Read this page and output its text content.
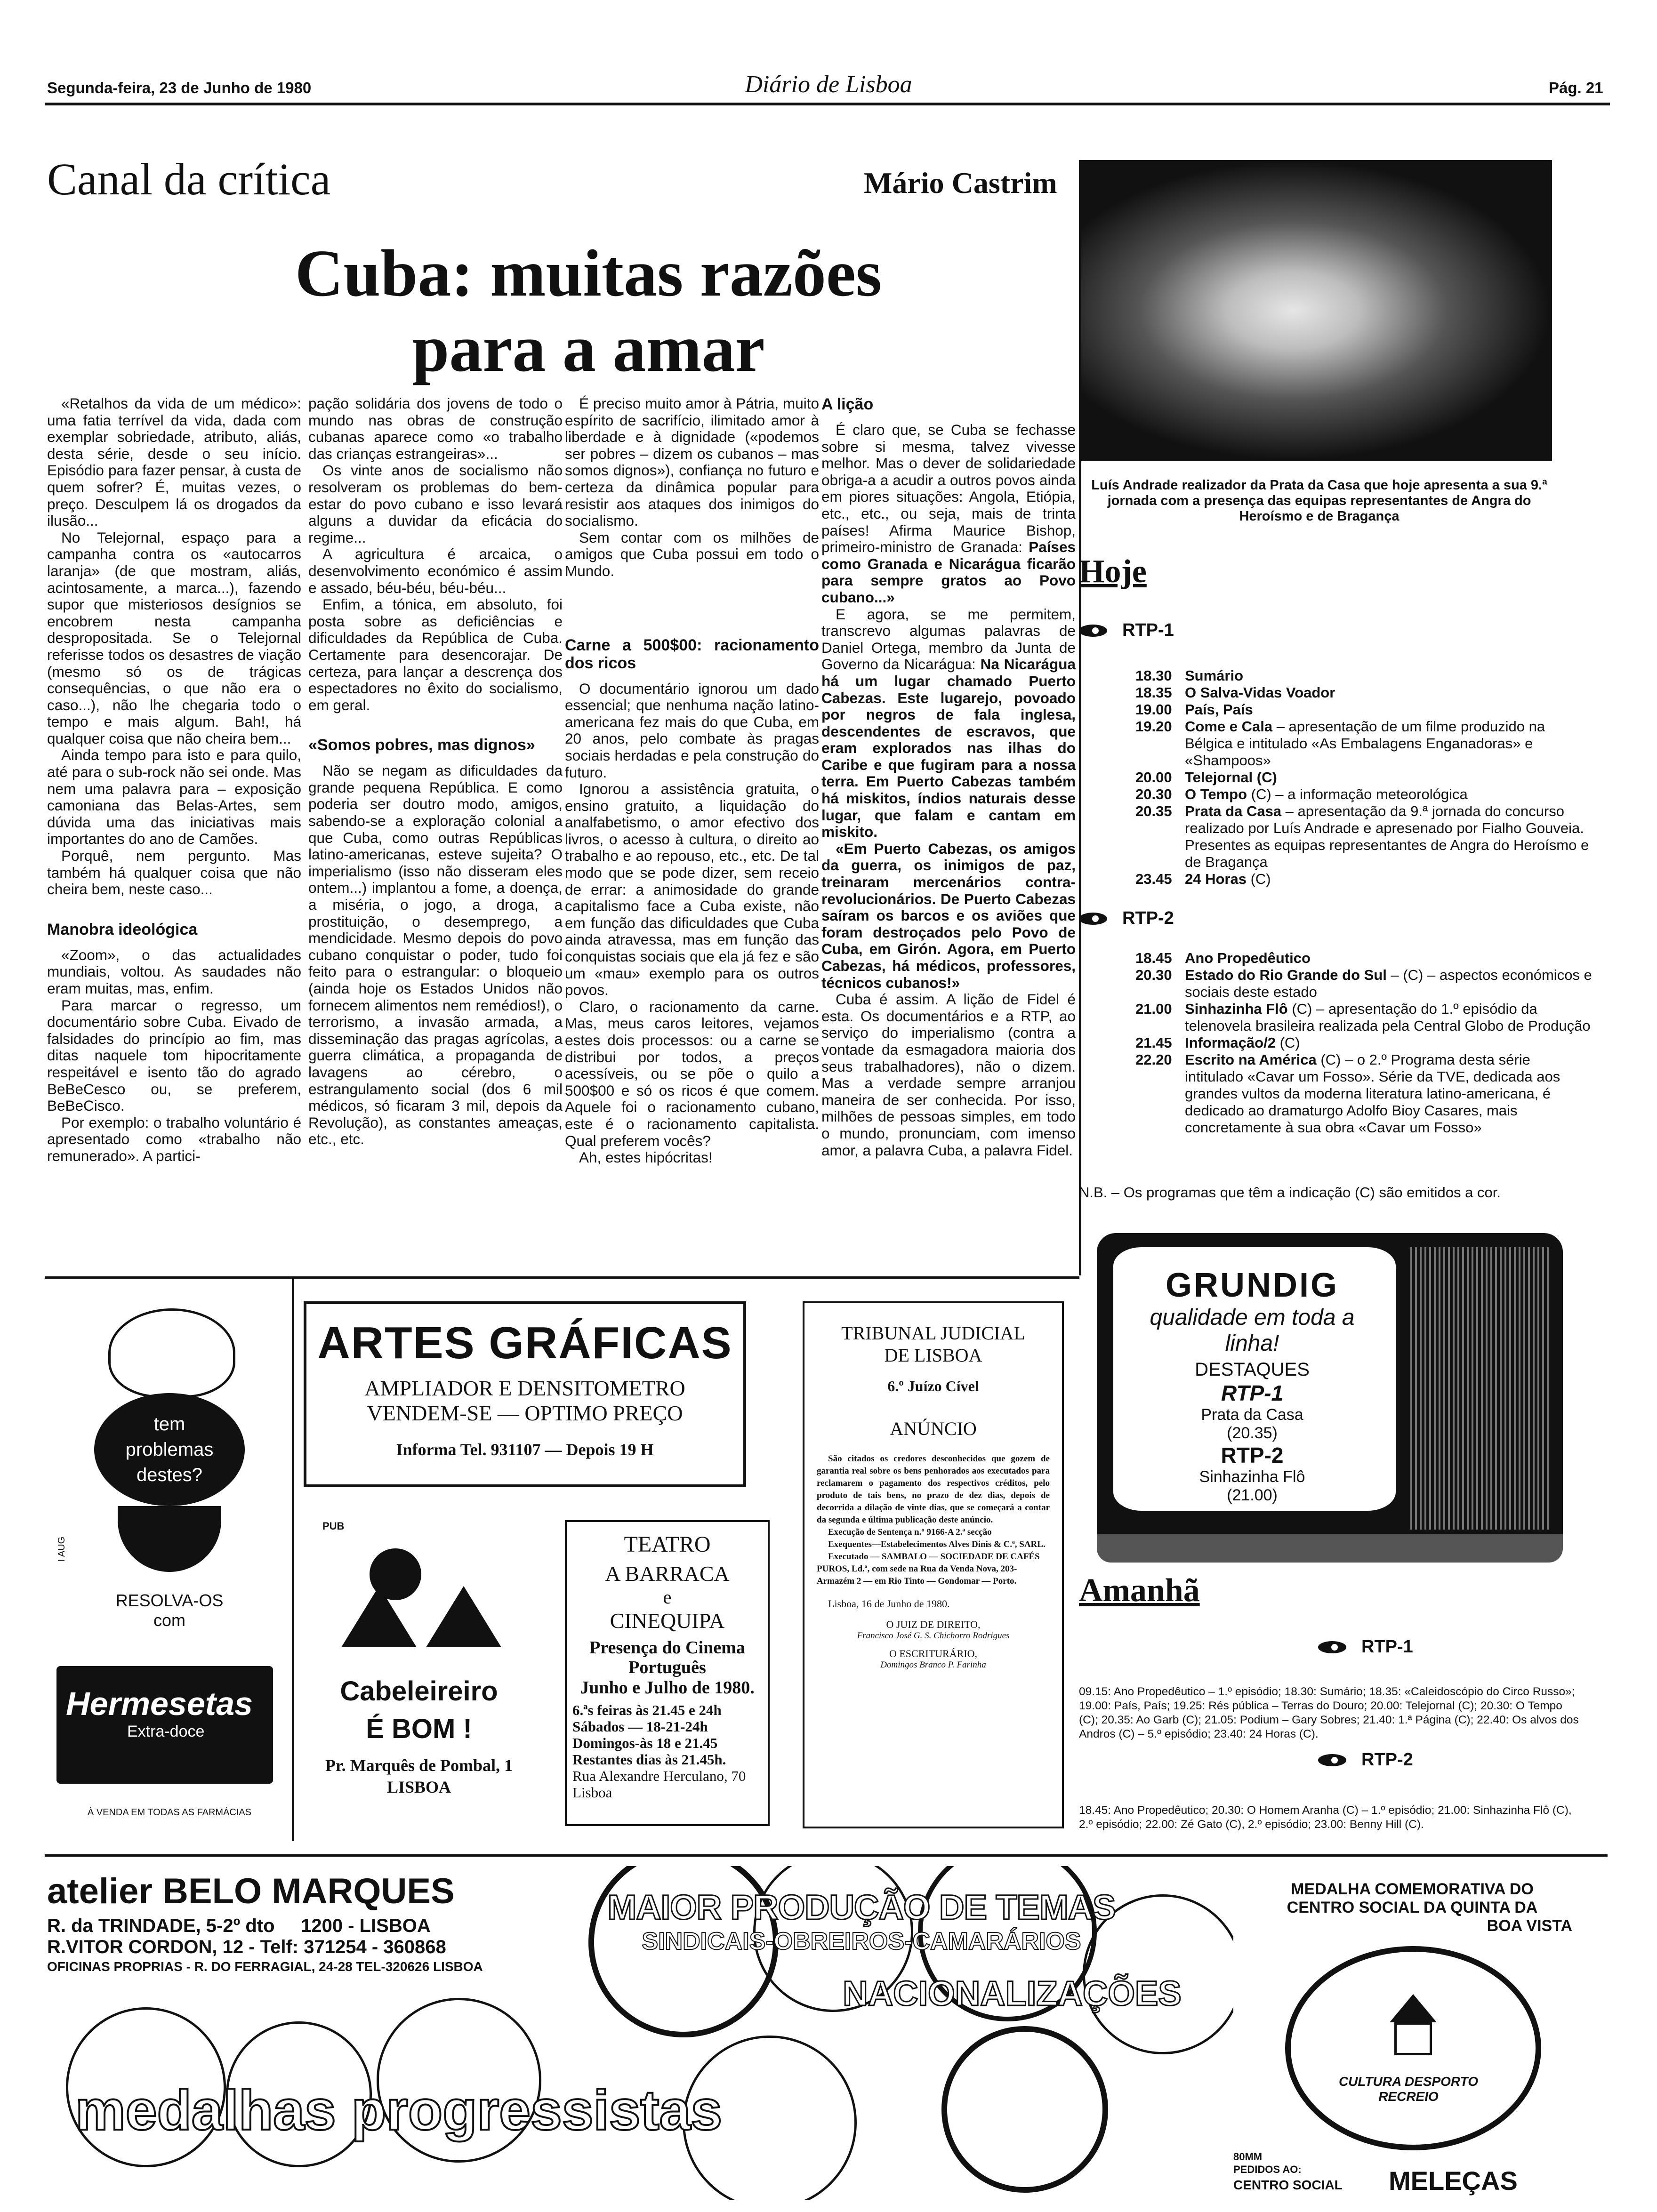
Segunda-feira, 23 de Junho de 1980	Diário de Lisboa	Pág. 21
Canal da crítica	Mário Castrim
Cuba: muitas razões
para a amar

«Retalhos da vida de um médico»: uma fatia terrível da vida, dada com exemplar sobriedade, atributo, aliás, desta série, desde o seu início. Episódio para fazer pensar, à custa de quem sofrer? É, muitas vezes, o preço. Desculpem lá os drogados da ilusão...

No Telejornal, espaço para a campanha contra os «autocarros laranja» (de que mostram, aliás, acintosamente, a marca...), fazendo supor que misteriosos desígnios se encobrem nesta campanha despropositada. Se o Telejornal referisse todos os desastres de viação (mesmo só os de trágicas consequências, o que não era o caso...), não lhe chegaria todo o tempo e mais algum. Bah!, há qualquer coisa que não cheira bem...

Ainda tempo para isto e para quilo, até para o sub-rock não sei onde. Mas nem uma palavra para – exposição camoniana das Belas-Artes, sem dúvida uma das iniciativas mais importantes do ano de Camões.

Porquê, nem pergunto. Mas também há qualquer coisa que não cheira bem, neste caso...

Manobra ideológica

«Zoom», o das actualidades mundiais, voltou. As saudades não eram muitas, mas, enfim.

Para marcar o regresso, um documentário sobre Cuba. Eivado de falsidades do princípio ao fim, mas ditas naquele tom hipocritamente respeitável e isento tão do agrado BeBeCesco ou, se preferem, BeBeCisco.

Por exemplo: o trabalho voluntário é apresentado como «trabalho não remunerado». A partici-

pação solidária dos jovens de todo o mundo nas obras de construção cubanas aparece como «o trabalho das crianças estrangeiras»...

Os vinte anos de socialismo não resolveram os problemas do bem-estar do povo cubano e isso levará alguns a duvidar da eficácia do regime...

A agricultura é arcaica, o desenvolvimento económico é assim e assado, béu-béu, béu-béu...

Enfim, a tónica, em absoluto, foi posta sobre as deficiências e dificuldades da República de Cuba. Certamente para desencorajar. De certeza, para lançar a descrença dos espectadores no êxito do socialismo, em geral.

«Somos pobres, mas dignos»

Não se negam as dificuldades da grande pequena República. E como poderia ser doutro modo, amigos, sabendo-se a exploração colonial a que Cuba, como outras Repúblicas latino-americanas, esteve sujeita? O imperialismo (isso não disseram eles ontem...) implantou a fome, a doença, a miséria, o jogo, a droga, a prostituição, o desemprego, a mendicidade. Mesmo depois do povo cubano conquistar o poder, tudo foi feito para o estrangular: o bloqueio (ainda hoje os Estados Unidos não fornecem alimentos nem remédios!), o terrorismo, a invasão armada, a disseminação das pragas agrícolas, a guerra climática, a propaganda de lavagens ao cérebro, o estrangulamento social (dos 6 mil médicos, só ficaram 3 mil, depois da Revolução), as constantes ameaças, etc., etc.

É preciso muito amor à Pátria, muito espírito de sacrifício, ilimitado amor à liberdade e à dignidade («podemos ser pobres – dizem os cubanos – mas somos dignos»), confiança no futuro e certeza da dinâmica popular para resistir aos ataques dos inimigos do socialismo.

Sem contar com os milhões de amigos que Cuba possui em todo o Mundo.

Carne a 500$00: racionamento dos ricos

O documentário ignorou um dado essencial; que nenhuma nação latino-americana fez mais do que Cuba, em 20 anos, pelo combate às pragas sociais herdadas e pela construção do futuro.

Ignorou a assistência gratuita, o ensino gratuito, a liquidação do analfabetismo, o amor efectivo dos livros, o acesso à cultura, o direito ao trabalho e ao repouso, etc., etc. De tal modo que se pode dizer, sem receio de errar: a animosidade do grande capitalismo face a Cuba existe, não em função das dificuldades que Cuba ainda atravessa, mas em função das conquistas sociais que ela já fez e são um «mau» exemplo para os outros povos.

Claro, o racionamento da carne. Mas, meus caros leitores, vejamos estes dois processos: ou a carne se distribui por todos, a preços acessíveis, ou se põe o quilo a 500$00 e só os ricos é que comem. Aquele foi o racionamento cubano, este é o racionamento capitalista. Qual preferem vocês?

Ah, estes hipócritas!

A lição

É claro que, se Cuba se fechasse sobre si mesma, talvez vivesse melhor. Mas o dever de solidariedade obriga-a a acudir a outros povos ainda em piores situações: Angola, Etiópia, etc., etc., ou seja, mais de trinta países! Afirma Maurice Bishop, primeiro-ministro de Granada: Países como Granada e Nicarágua ficarão para sempre gratos ao Povo cubano...»

E agora, se me permitem, transcrevo algumas palavras de Daniel Ortega, membro da Junta de Governo da Nicarágua: Na Nicarágua há um lugar chamado Puerto Cabezas. Este lugarejo, povoado por negros de fala inglesa, descendentes de escravos, que eram explorados nas ilhas do Caribe e que fugiram para a nossa terra. Em Puerto Cabezas também há miskitos, índios naturais desse lugar, que falam e cantam em miskito.

«Em Puerto Cabezas, os amigos da guerra, os inimigos de paz, treinaram mercenários contra-revolucionários. De Puerto Cabezas saíram os barcos e os aviões que foram destroçados pelo Povo de Cuba, em Girón. Agora, em Puerto Cabezas, há médicos, professores, técnicos cubanos!»

Cuba é assim. A lição de Fidel é esta. Os documentários e a RTP, ao serviço do imperialismo (contra a vontade da esmagadora maioria dos seus trabalhadores), não o dizem. Mas a verdade sempre arranjou maneira de ser conhecida. Por isso, milhões de pessoas simples, em todo o mundo, pronunciam, com imenso amor, a palavra Cuba, a palavra Fidel.

Luís Andrade realizador da Prata da Casa que hoje apresenta a sua 9.ª jornada com a presença das equipas representantes de Angra do Heroísmo e de Bragança
Hoje
RTP-1
18.30 Sumário
18.35 O Salva-Vidas Voador
19.00 País, País
19.20 Come e Cala – apresentação de um filme produzido na Bélgica e intitulado «As Embalagens Enganadoras» e «Shampoos»
20.00 Telejornal (C)
20.30 O Tempo (C) – a informação meteorológica
20.35 Prata da Casa – apresentação da 9.ª jornada do concurso realizado por Luís Andrade e apresenado por Fialho Gouveia. Presentes as equipas representantes de Angra do Heroísmo e de Bragança
23.45 24 Horas (C)
RTP-2
18.45 Ano Propedêutico
20.30 Estado do Rio Grande do Sul – (C) – aspectos económicos e sociais deste estado
21.00 Sinhazinha Flô (C) – apresentação do 1.º episódio da telenovela brasileira realizada pela Central Globo de Produção
21.45 Informação/2 (C)
22.20 Escrito na América (C) – o 2.º Programa desta série intitulado «Cavar um Fosso». Série da TVE, dedicada aos grandes vultos da moderna literatura latino-americana, é dedicado ao dramaturgo Adolfo Bioy Casares, mais concretamente à sua obra «Cavar um Fosso»
N.B. – Os programas que têm a indicação (C) são emitidos a cor.
GRUNDIG
qualidade em toda a linha!
DESTAQUES
RTP-1
Prata da Casa
(20.35)
RTP-2
Sinhazinha Flô
(21.00)
ASSISTÊNCIA TÉCNICA telef: 2112871
Amanhã
RTP-1
09.15: Ano Propedêutico – 1.º episódio; 18.30: Sumário; 18.35: «Caleidoscópio do Circo Russo»; 19.00: País, País; 19.25: Rés pública – Terras do Douro; 20.00: Telejornal (C); 20.30: O Tempo (C); 20.35: Ao Garb (C); 21.05: Podium – Gary Sobres; 21.40: 1.ª Página (C); 22.40: Os alvos dos Andros (C) – 5.º episódio; 23.40: 24 Horas (C).
RTP-2
18.45: Ano Propedêutico; 20.30: O Homem Aranha (C) – 1.º episódio; 21.00: Sinhazinha Flô (C), 2.º episódio; 22.00: Zé Gato (C), 2.º episódio; 23.00: Benny Hill (C).
tem problemas destes?
I AUG
RESOLVA-OS com
Hermesetas
Extra-doce
À VENDA EM TODAS AS FARMÁCIAS
ARTES GRÁFICAS
AMPLIADOR E DENSITOMETRO
VENDEM-SE — OPTIMO PREÇO
Informa Tel. 931107 — Depois 19 H
PUB
Cabeleireiro
É BOM !
Pr. Marquês de Pombal, 1
LISBOA
TEATRO
A BARRACA
e
CINEQUIPA
Presença do Cinema Português
Junho e Julho de 1980.
6.ªs feiras às 21.45 e 24h
Sábados — 18-21-24h
Domingos-às 18 e 21.45
Restantes dias às 21.45h.
Rua Alexandre Herculano, 70
Lisboa
TRIBUNAL JUDICIAL
DE LISBOA
6.º Juízo Cível
ANÚNCIO
São citados os credores desconhecidos que gozem de garantia real sobre os bens penhorados aos executados para reclamarem o pagamento dos respectivos créditos, pelo produto de tais bens, no prazo de dez dias, depois de decorrida a dilação de vinte dias, que se começará a contar da segunda e última publicação deste anúncio.
Execução de Sentença n.º 9166-A 2.ª secção
Exequentes—Estabelecimentos Alves Dinis & C.ª, SARL.
Executado — SAMBALO — SOCIEDADE DE CAFÉS PUROS, Ld.ª, com sede na Rua da Venda Nova, 203-Armazém 2 — em Rio Tinto — Gondomar — Porto.
Lisboa, 16 de Junho de 1980.
O JUIZ DE DIREITO,
Francisco José G. S. Chichorro Rodrigues
O ESCRITURÁRIO,
Domingos Branco P. Farinha
atelier BELO MARQUES
R. da TRINDADE, 5-2º dto     1200 - LISBOA
R.VITOR CORDON, 12 - Telf: 371254 - 360868
OFICINAS PROPRIAS - R. DO FERRAGIAL, 24-28 TEL-320626 LISBOA
MAIOR PRODUÇÃO DE TEMAS
SINDICAIS-OBREIROS-CAMARÁRIOS
NACIONALIZAÇÕES
medalhas progressistas
MEDALHA COMEMORATIVA DO
CENTRO SOCIAL DA QUINTA DA
BOA VISTA
CULTURA DESPORTO RECREIO
80MM
PEDIDOS AO:
CENTRO SOCIAL MELEÇAS
